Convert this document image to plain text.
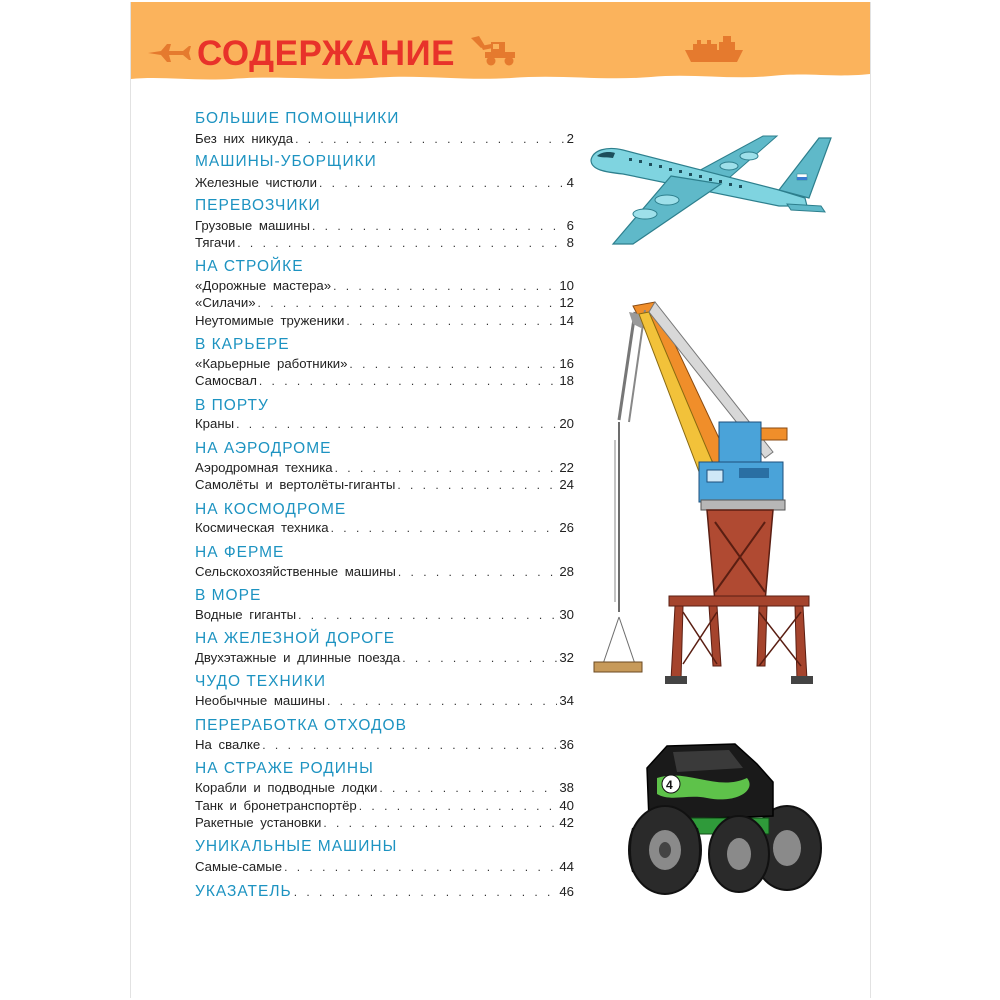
СОДЕРЖАНИЕ
БОЛЬШИЕ ПОМОЩНИКИ
Без них никуда . . .	2
МАШИНЫ-УБОРЩИКИ
Железные чистюли . . .	4
ПЕРЕВОЗЧИКИ
Грузовые машины . . .	6
Тягачи . . .	8
НА СТРОЙКЕ
«Дорожные мастера» . . .	10
«Силачи» . . .	12
Неутомимые труженики . . .	14
В КАРЬЕРЕ
«Карьерные работники» . . .	16
Самосвал . . .	18
В ПОРТУ
Краны . . .	20
НА АЭРОДРОМЕ
Аэродромная техника . . .	22
Самолёты и вертолёты-гиганты . . .	24
НА КОСМОДРОМЕ
Космическая техника . . .	26
НА ФЕРМЕ
Сельскохозяйственные машины . . .	28
В МОРЕ
Водные гиганты . . .	30
НА ЖЕЛЕЗНОЙ ДОРОГЕ
Двухэтажные и длинные поезда . . .	32
ЧУДО ТЕХНИКИ
Необычные машины . . .	34
ПЕРЕРАБОТКА ОТХОДОВ
На свалке . . .	36
НА СТРАЖЕ РОДИНЫ
Корабли и подводные лодки . . .	38
Танк и бронетранспортёр . . .	40
Ракетные установки . . .	42
УНИКАЛЬНЫЕ МАШИНЫ
Самые-самые . . .	44
УКАЗАТЕЛЬ . . .	46
4
